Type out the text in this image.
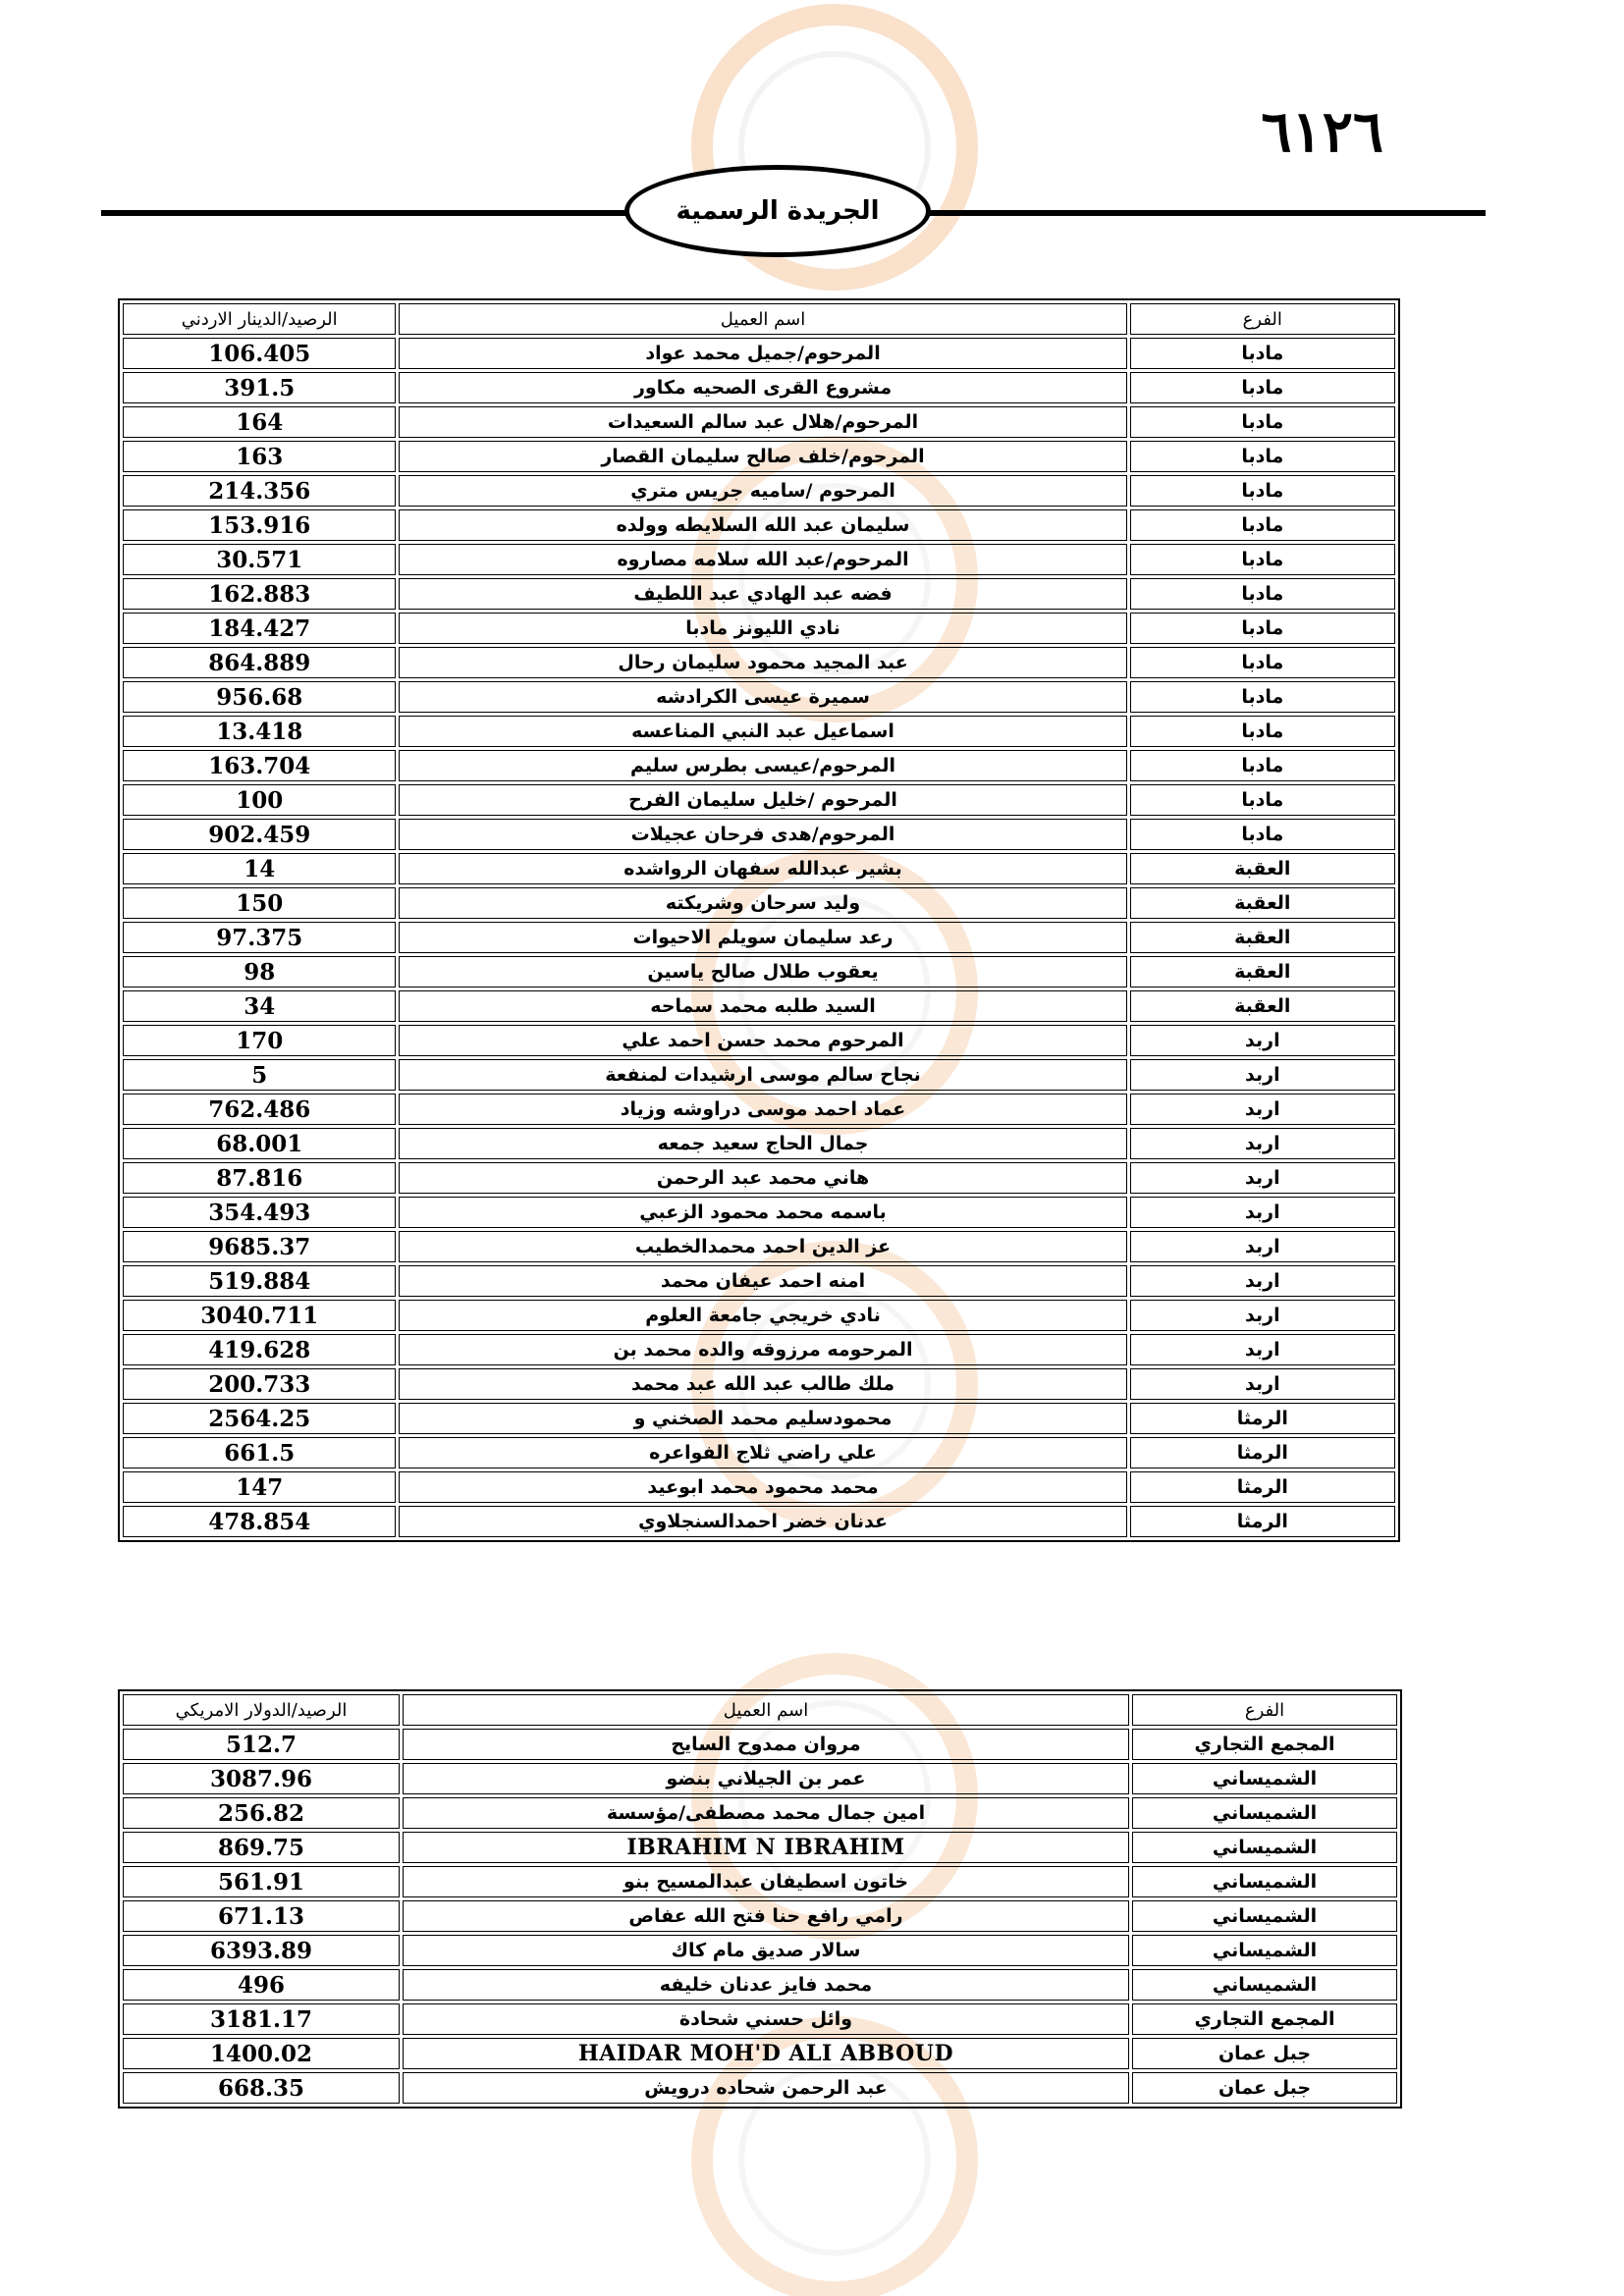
٦١٢٦
الجريدة الرسمية
الفرع	اسم العميل	الرصيد/الدينار الاردني
مادبا	المرحوم/جميل محمد عواد	106.405
مادبا	مشروع القرى الصحيه مكاور	391.5
مادبا	المرحوم/هلال عبد سالم السعيدات	164
مادبا	المرحوم/خلف صالح سليمان القصار	163
مادبا	المرحوم /ساميه جريس متري	214.356
مادبا	سليمان عبد الله السلايطه وولده	153.916
مادبا	المرحوم/عبد الله سلامه مصاروه	30.571
مادبا	فضه عبد الهادي عبد اللطيف	162.883
مادبا	نادي الليونز مادبا	184.427
مادبا	عبد المجيد محمود سليمان رحال	864.889
مادبا	سميرة عيسى الكرادشه	956.68
مادبا	اسماعيل عبد النبي المناعسه	13.418
مادبا	المرحوم/عيسى بطرس سليم	163.704
مادبا	المرحوم /خليل سليمان الفرح	100
مادبا	المرحوم/هدى فرحان عجيلات	902.459
العقبة	بشير عبدالله سفهان الرواشده	14
العقبة	وليد سرحان وشريكته	150
العقبة	رعد سليمان سويلم الاحيوات	97.375
العقبة	يعقوب طلال صالح ياسين	98
العقبة	السيد طلبه محمد سماحه	34
اربد	المرحوم محمد حسن احمد علي	170
اربد	نجاح سالم موسى ارشيدات لمنفعة	5
اربد	عماد احمد موسى دراوشه وزياد	762.486
اربد	جمال الحاج سعيد جمعه	68.001
اربد	هاني محمد عبد الرحمن	87.816
اربد	باسمه محمد محمود الزعبي	354.493
اربد	عز الدين احمد محمدالخطيب	9685.37
اربد	امنه احمد عيفان محمد	519.884
اربد	نادي خريجي جامعة العلوم	3040.711
اربد	المرحومه مرزوقه والده محمد بن	419.628
اربد	ملك طالب عبد الله عبد محمد	200.733
الرمثا	محمودسليم محمد الصخني و	2564.25
الرمثا	علي راضي ثلاج الفواعره	661.5
الرمثا	محمد محمود محمد ابوعيد	147
الرمثا	عدنان خضر احمدالسنجلاوي	478.854
الفرع	اسم العميل	الرصيد/الدولار الامريكي
المجمع التجاري	مروان ممدوح السايح	512.7
الشميساني	عمر بن الجيلاني بنضو	3087.96
الشميساني	امين جمال محمد مصطفى/مؤسسة	256.82
الشميساني	IBRAHIM N IBRAHIM	869.75
الشميساني	خاتون اسطيفان عبدالمسيح بنو	561.91
الشميساني	رامي رافع حنا فتح الله عفاص	671.13
الشميساني	سالار صديق مام كاك	6393.89
الشميساني	محمد فايز عدنان خليفه	496
المجمع التجاري	وائل حسني شحادة	3181.17
جبل عمان	HAIDAR MOH'D ALI ABBOUD	1400.02
جبل عمان	عبد الرحمن شحاده درويش	668.35
